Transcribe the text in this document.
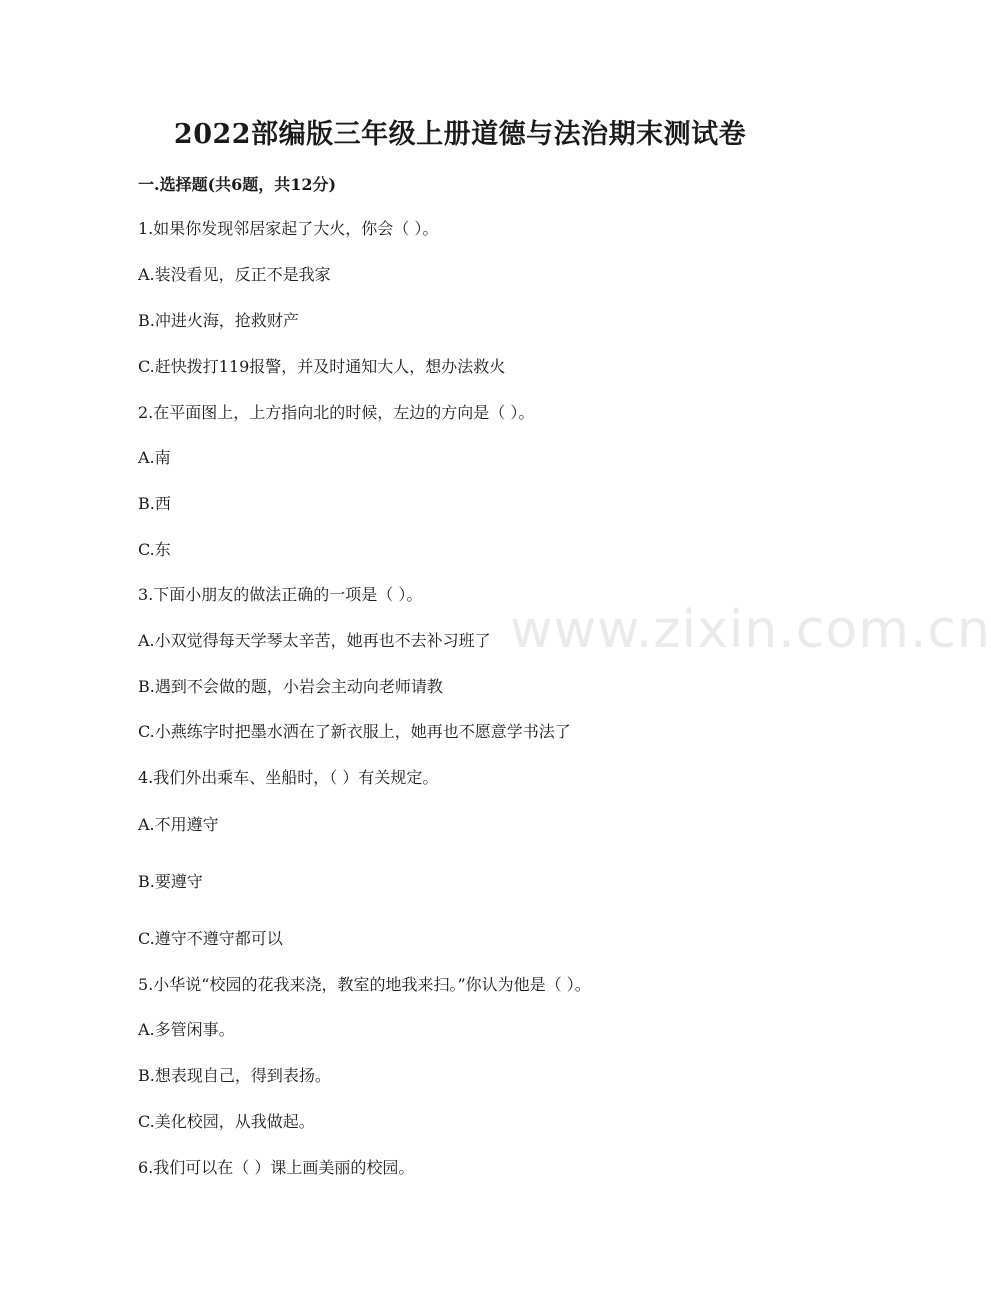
2022部编版三年级上册道德与法治期末测试卷
一.选择题(共6题，共12分)
1.如果你发现邻居家起了大火，你会（ ）。
A.装没看见，反正不是我家
B.冲进火海，抢救财产
C.赶快拨打119报警，并及时通知大人，想办法救火
2.在平面图上，上方指向北的时候，左边的方向是（ ）。
A.南
B.西
C.东
3.下面小朋友的做法正确的一项是（ ）。
A.小双觉得每天学琴太辛苦，她再也不去补习班了
B.遇到不会做的题，小岩会主动向老师请教
C.小燕练字时把墨水洒在了新衣服上，她再也不愿意学书法了
4.我们外出乘车、坐船时，（ ）有关规定。
A.不用遵守
B.要遵守
C.遵守不遵守都可以
5.小华说“校园的花我来浇，教室的地我来扫。”你认为他是（ ）。
A.多管闲事。
B.想表现自己，得到表扬。
C.美化校园，从我做起。
6.我们可以在（ ）课上画美丽的校园。
www.zixin.com.cn
